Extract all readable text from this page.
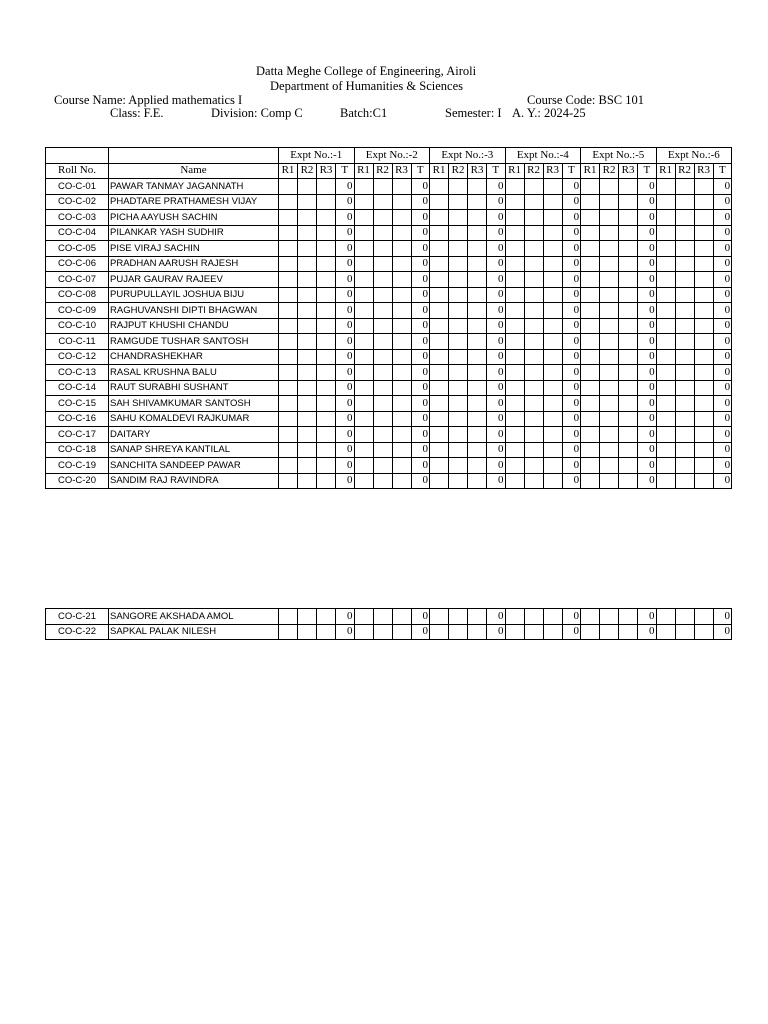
Datta Meghe College of Engineering, Airoli
Department of Humanities & Sciences
Course Name: Applied mathematics I	Course Code: BSC 101
Class: F.E.	Division: Comp C	Batch:C1	Semester: I A. Y.: 2024-25
		Expt No.:-1				Expt No.:-2				Expt No.:-3				Expt No.:-4				Expt No.:-5				Expt No.:-6			
Roll No.	Name	R1	R2	R3	T	R1	R2	R3	T	R1	R2	R3	T	R1	R2	R3	T	R1	R2	R3	T	R1	R2	R3	T
CO-C-01	PAWAR TANMAY JAGANNATH				0				0				0				0				0				0
CO-C-02	PHADTARE PRATHAMESH VIJAY				0				0				0				0				0				0
CO-C-03	PICHA AAYUSH SACHIN				0				0				0				0				0				0
CO-C-04	PILANKAR YASH SUDHIR				0				0				0				0				0				0
CO-C-05	PISE VIRAJ SACHIN				0				0				0				0				0				0
CO-C-06	PRADHAN AARUSH RAJESH				0				0				0				0				0				0
CO-C-07	PUJAR GAURAV RAJEEV				0				0				0				0				0				0
CO-C-08	PURUPULLAYIL JOSHUA BIJU				0				0				0				0				0				0
CO-C-09	RAGHUVANSHI DIPTI BHAGWAN				0				0				0				0				0				0
CO-C-10	RAJPUT KHUSHI CHANDU				0				0				0				0				0				0
CO-C-11	RAMGUDE TUSHAR SANTOSH				0				0				0				0				0				0
CO-C-12	CHANDRASHEKHAR				0				0				0				0				0				0
CO-C-13	RASAL KRUSHNA BALU				0				0				0				0				0				0
CO-C-14	RAUT SURABHI SUSHANT				0				0				0				0				0				0
CO-C-15	SAH SHIVAMKUMAR SANTOSH				0				0				0				0				0				0
CO-C-16	SAHU KOMALDEVI RAJKUMAR				0				0				0				0				0				0
CO-C-17	DAITARY				0				0				0				0				0				0
CO-C-18	SANAP SHREYA KANTILAL				0				0				0				0				0				0
CO-C-19	SANCHITA SANDEEP PAWAR				0				0				0				0				0				0
CO-C-20	SANDIM RAJ RAVINDRA				0				0				0				0				0				0
CO-C-21	SANGORE AKSHADA AMOL				0				0				0				0				0				0
CO-C-22	SAPKAL PALAK NILESH				0				0				0				0				0				0
